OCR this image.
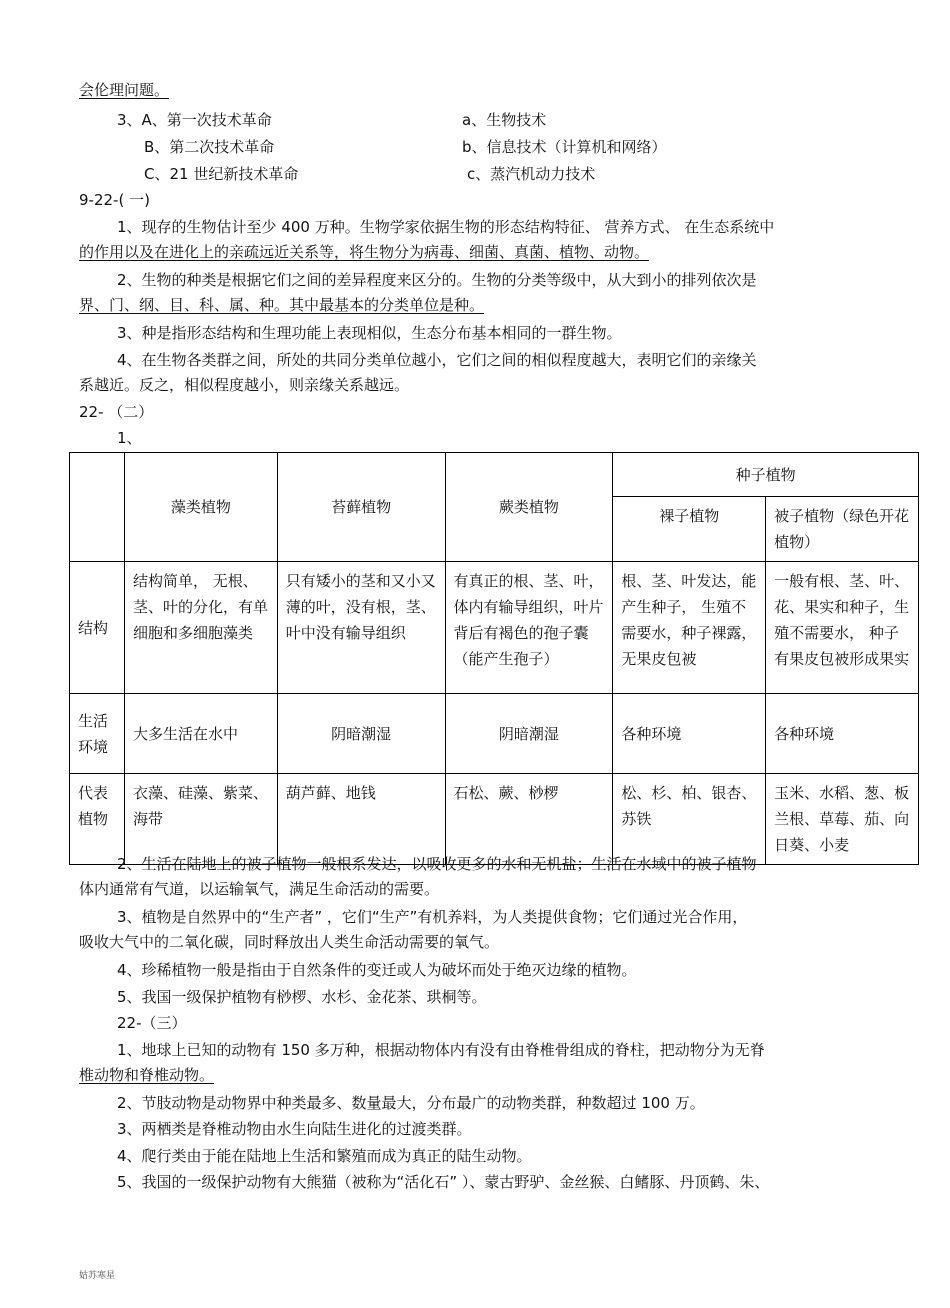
会伦理问题。
3、A、第一次技术革命	a、生物技术
B、第二次技术革命	b、信息技术（计算机和网络）
C、21 世纪新技术革命	c、蒸汽机动力技术
9-22-( 一)
1、现存的生物估计至少 400 万种。生物学家依据生物的形态结构特征、 营养方式、 在生态系统中
的作用以及在进化上的亲疏远近关系等，将生物分为病毒、细菌、真菌、植物、动物。
2、生物的种类是根据它们之间的差异程度来区分的。生物的分类等级中，从大到小的排列依次是
界、门、纲、目、科、属、种。其中最基本的分类单位是种。
3、种是指形态结构和生理功能上表现相似，生态分布基本相同的一群生物。
4、在生物各类群之间，所处的共同分类单位越小，它们之间的相似程度越大，表明它们的亲缘关
系越近。反之，相似程度越小，则亲缘关系越远。
22- （二）
1、
	藻类植物	苔藓植物	蕨类植物	种子植物	
				裸子植物	被子植物（绿色开花植物）
结构	结构简单， 无根、茎、叶的分化，有单细胞和多细胞藻类	只有矮小的茎和又小又薄的叶，没有根，茎、叶中没有输导组织	有真正的根、茎、叶，体内有输导组织，叶片背后有褐色的孢子囊（能产生孢子）	根、茎、叶发达，能产生种子， 生殖不需要水，种子裸露，无果皮包被	一般有根、茎、叶、花、果实和种子，生殖不需要水， 种子有果皮包被形成果实
生活环境	大多生活在水中	阴暗潮湿	阴暗潮湿	各种环境	各种环境
代表植物	衣藻、硅藻、紫菜、海带	葫芦藓、地钱	石松、蕨、桫椤	松、杉、柏、银杏、苏铁	玉米、水稻、葱、板兰根、草莓、茄、向日葵、小麦
2、生活在陆地上的被子植物一般根系发达，以吸收更多的水和无机盐；生活在水域中的被子植物
体内通常有气道，以运输氧气，满足生命活动的需要。
3、植物是自然界中的“生产者” ，它们“生产”有机养料，为人类提供食物；它们通过光合作用，
吸收大气中的二氧化碳，同时释放出人类生命活动需要的氧气。
4、珍稀植物一般是指由于自然条件的变迁或人为破坏而处于绝灭边缘的植物。
5、我国一级保护植物有桫椤、水杉、金花茶、珙桐等。
22-（三）
1、地球上已知的动物有 150 多万种，根据动物体内有没有由脊椎骨组成的脊柱，把动物分为无脊
椎动物和脊椎动物。
2、节肢动物是动物界中种类最多、数量最大，分布最广的动物类群，种数超过 100 万。
3、两栖类是脊椎动物由水生向陆生进化的过渡类群。
4、爬行类由于能在陆地上生活和繁殖而成为真正的陆生动物。
5、我国的一级保护动物有大熊猫（被称为“活化石” ）、蒙古野驴、金丝猴、白鳍豚、丹顶鹤、朱、
姑苏寒星
